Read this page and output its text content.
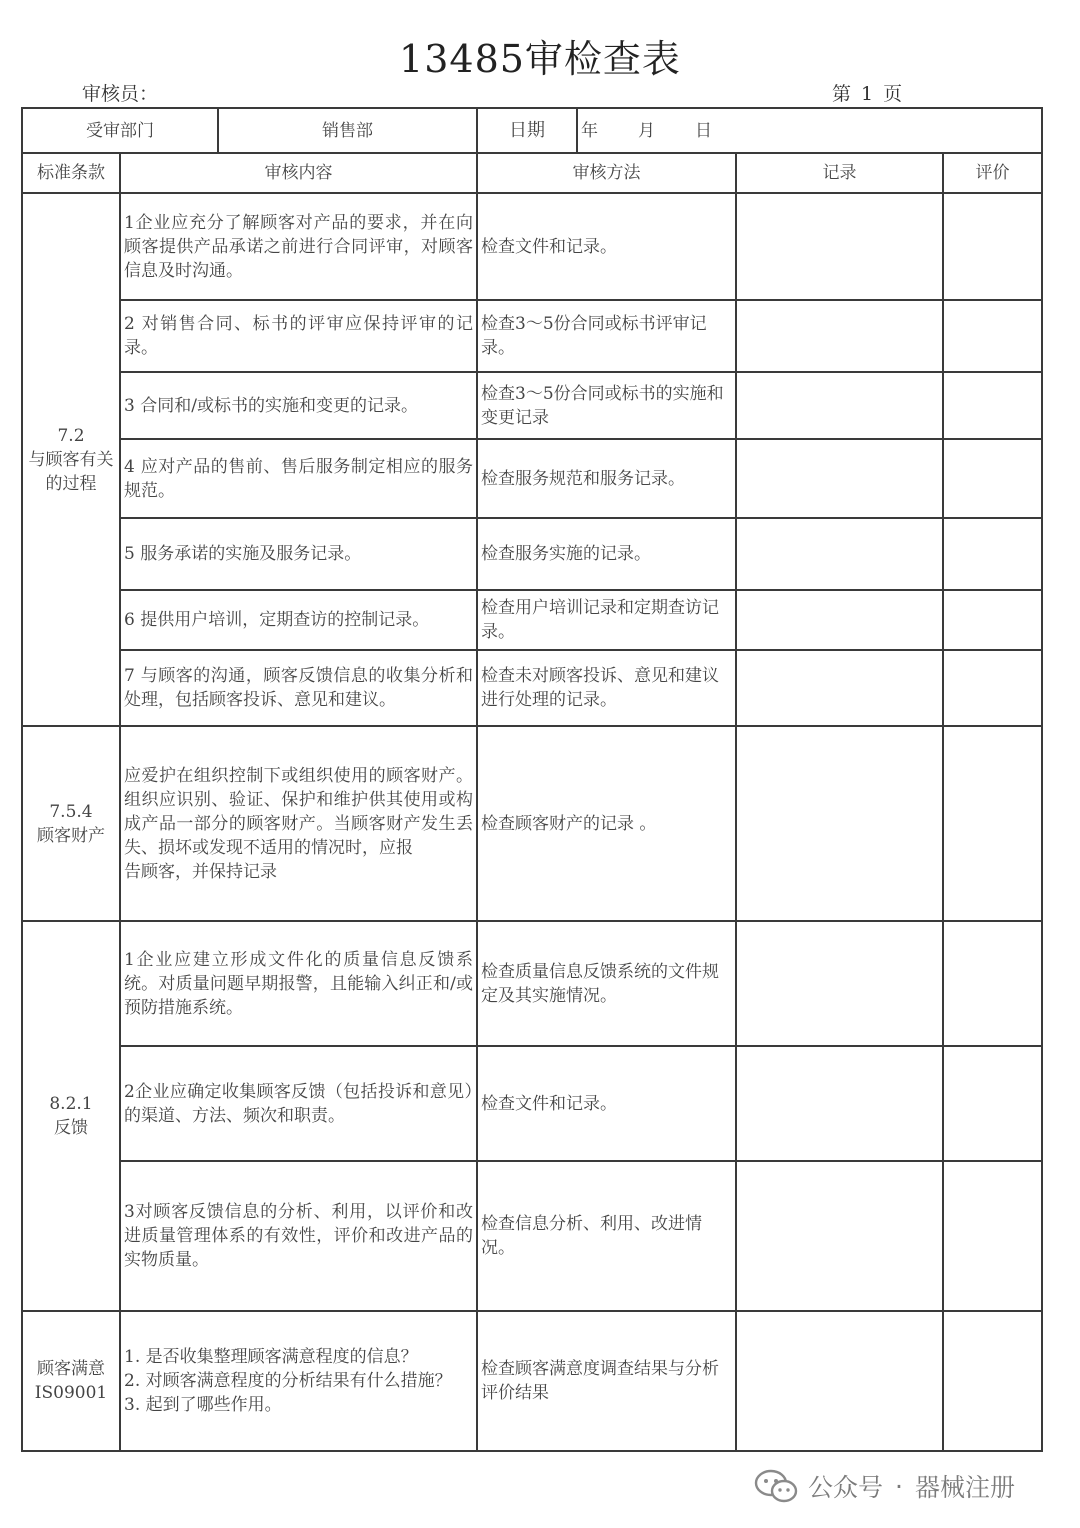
13485审检查表
审核员：	第 1 页
受审部门		销售部	日期	年 月 日		
标准条款	审核内容		审核方法		记录	评价
7.2
与顾客有关的过程	1企业应充分了解顾客对产品的要求，并在向顾客提供产品承诺之前进行合同评审，对顾客信息及时沟通。		检查文件和记录。			
	2 对销售合同、标书的评审应保持评审的记录。		检查3～5份合同或标书评审记录。			
	3 合同和/或标书的实施和变更的记录。		检查3～5份合同或标书的实施和变更记录			
	4 应对产品的售前、售后服务制定相应的服务规范。		检查服务规范和服务记录。			
	5 服务承诺的实施及服务记录。		检查服务实施的记录。			
	6 提供用户培训，定期查访的控制记录。		检查用户培训记录和定期查访记录。			
	7 与顾客的沟通，顾客反馈信息的收集分析和处理，包括顾客投诉、意见和建议。		检查未对顾客投诉、意见和建议进行处理的记录。			
7.5.4
顾客财产	应爱护在组织控制下或组织使用的顾客财产。组织应识别、验证、保护和维护供其使用或构成产品一部分的顾客财产。当顾客财产发生丢失、损坏或发现不适用的情况时，应报
告顾客，并保持记录		检查顾客财产的记录 。			
8.2.1
反馈	1企业应建立形成文件化的质量信息反馈系统。对质量问题早期报警，且能输入纠正和/或预防措施系统。		检查质量信息反馈系统的文件规定及其实施情况。			
	2企业应确定收集顾客反馈（包括投诉和意见）的渠道、方法、频次和职责。		检查文件和记录。			
	3对顾客反馈信息的分析、利用，以评价和改进质量管理体系的有效性，评价和改进产品的实物质量。		检查信息分析、利用、改进情况。			
顾客满意
IS09001	1. 是否收集整理顾客满意程度的信息？
2. 对顾客满意程度的分析结果有什么措施？
3. 起到了哪些作用。		检查顾客满意度调查结果与分析评价结果			
公众号 · 器械注册
